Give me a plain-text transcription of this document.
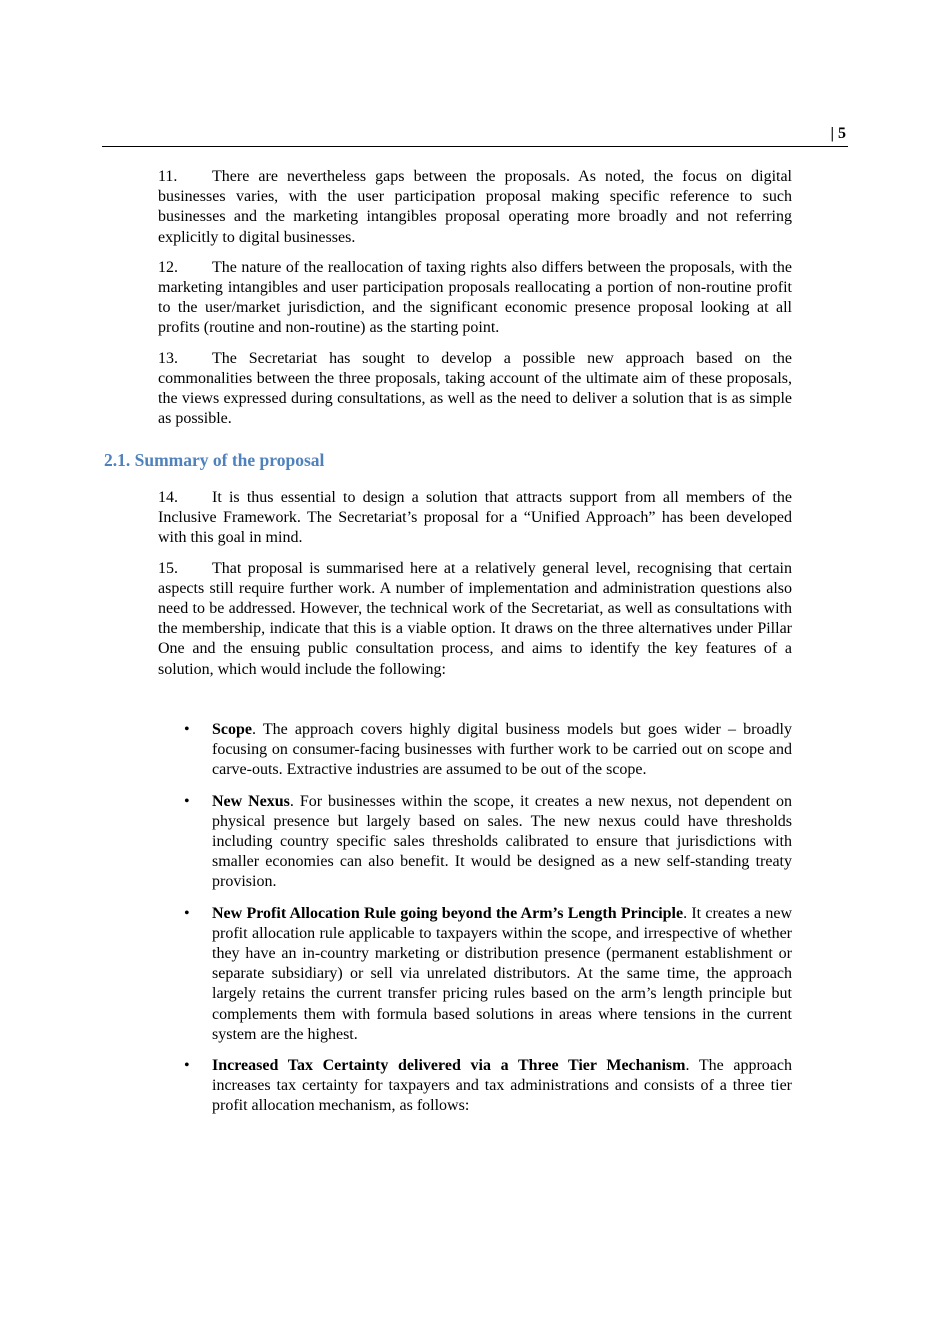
| 5

11. There are nevertheless gaps between the proposals. As noted, the focus on digital businesses varies, with the user participation proposal making specific reference to such businesses and the marketing intangibles proposal operating more broadly and not referring explicitly to digital businesses.

12. The nature of the reallocation of taxing rights also differs between the proposals, with the marketing intangibles and user participation proposals reallocating a portion of non-routine profit to the user/market jurisdiction, and the significant economic presence proposal looking at all profits (routine and non-routine) as the starting point.

13. The Secretariat has sought to develop a possible new approach based on the commonalities between the three proposals, taking account of the ultimate aim of these proposals, the views expressed during consultations, as well as the need to deliver a solution that is as simple as possible.

2.1. Summary of the proposal

14. It is thus essential to design a solution that attracts support from all members of the Inclusive Framework. The Secretariat’s proposal for a “Unified Approach” has been developed with this goal in mind.

15. That proposal is summarised here at a relatively general level, recognising that certain aspects still require further work. A number of implementation and administration questions also need to be addressed. However, the technical work of the Secretariat, as well as consultations with the membership, indicate that this is a viable option. It draws on the three alternatives under Pillar One and the ensuing public consultation process, and aims to identify the key features of a solution, which would include the following:

•	Scope. The approach covers highly digital business models but goes wider – broadly focusing on consumer-facing businesses with further work to be carried out on scope and carve-outs. Extractive industries are assumed to be out of the scope.
•	New Nexus. For businesses within the scope, it creates a new nexus, not dependent on physical presence but largely based on sales. The new nexus could have thresholds including country specific sales thresholds calibrated to ensure that jurisdictions with smaller economies can also benefit. It would be designed as a new self-standing treaty provision.
•	New Profit Allocation Rule going beyond the Arm’s Length Principle. It creates a new profit allocation rule applicable to taxpayers within the scope, and irrespective of whether they have an in-country marketing or distribution presence (permanent establishment or separate subsidiary) or sell via unrelated distributors. At the same time, the approach largely retains the current transfer pricing rules based on the arm’s length principle but complements them with formula based solutions in areas where tensions in the current system are the highest.
•	Increased Tax Certainty delivered via a Three Tier Mechanism. The approach increases tax certainty for taxpayers and tax administrations and consists of a three tier profit allocation mechanism, as follows:
